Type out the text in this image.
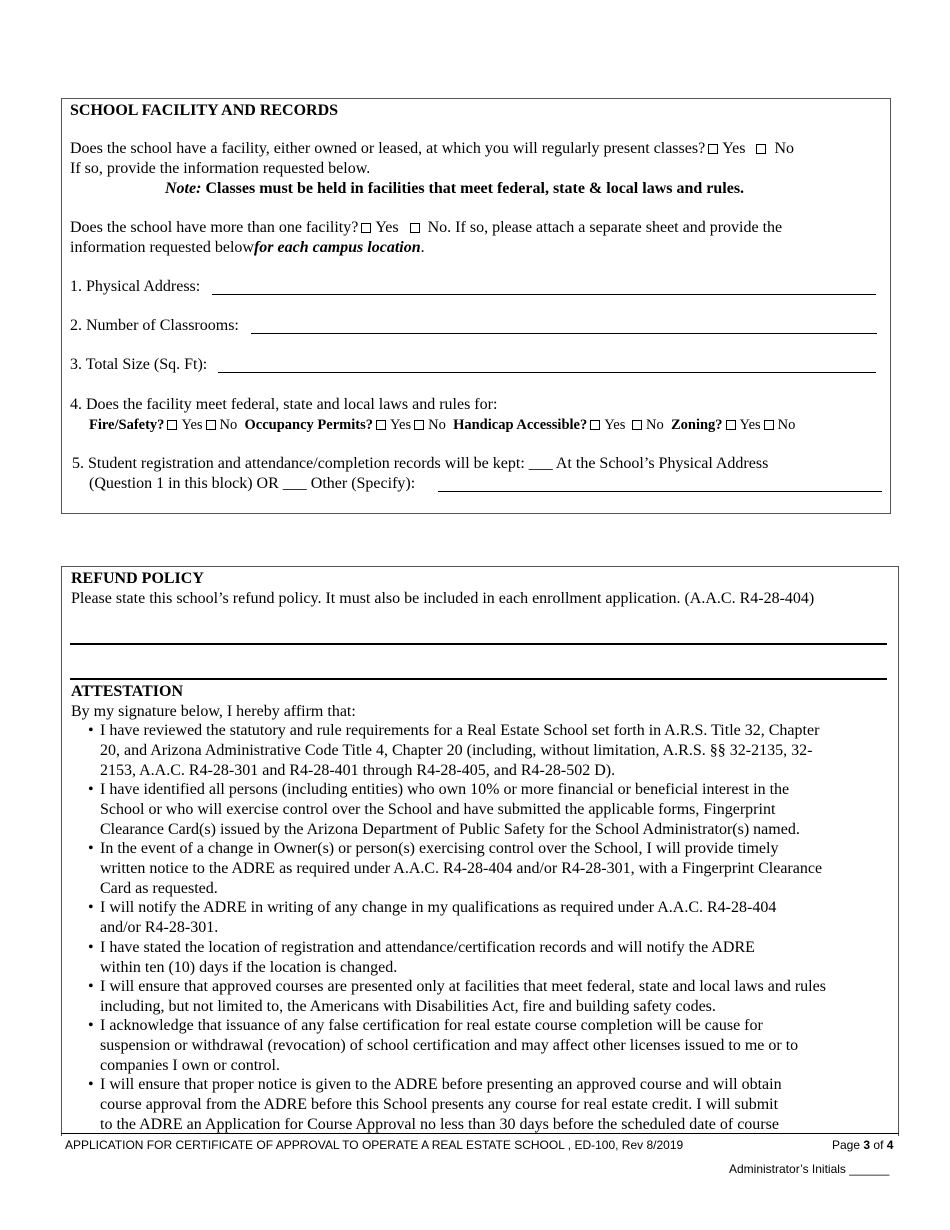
SCHOOL FACILITY AND RECORDS
Does the school have a facility, either owned or leased, at which you will regularly present classes? Yes No
If so, provide the information requested below.
Note: Classes must be held in facilities that meet federal, state & local laws and rules.
Does the school have more than one facility? Yes No. If so, please attach a separate sheet and provide the
information requested belowfor each campus location.
1. Physical Address:
2. Number of Classrooms:
3. Total Size (Sq. Ft):
4. Does the facility meet federal, state and local laws and rules for:
Fire/Safety? Yes No Occupancy Permits? Yes No Handicap Accessible? Yes No Zoning? Yes No
5. Student registration and attendance/completion records will be kept: ___ At the School’s Physical Address
(Question 1 in this block) OR ___ Other (Specify):
REFUND POLICY
Please state this school’s refund policy. It must also be included in each enrollment application. (A.A.C. R4-28-404)
ATTESTATION
By my signature below, I hereby affirm that:
• I have reviewed the statutory and rule requirements for a Real Estate School set forth in A.R.S. Title 32, Chapter
20, and Arizona Administrative Code Title 4, Chapter 20 (including, without limitation, A.R.S. §§ 32-2135, 32-
2153, A.A.C. R4-28-301 and R4-28-401 through R4-28-405, and R4-28-502 D).
• I have identified all persons (including entities) who own 10% or more financial or beneficial interest in the
School or who will exercise control over the School and have submitted the applicable forms, Fingerprint
Clearance Card(s) issued by the Arizona Department of Public Safety for the School Administrator(s) named.
• In the event of a change in Owner(s) or person(s) exercising control over the School, I will provide timely
written notice to the ADRE as required under A.A.C. R4-28-404 and/or R4-28-301, with a Fingerprint Clearance
Card as requested.
• I will notify the ADRE in writing of any change in my qualifications as required under A.A.C. R4-28-404
and/or R4-28-301.
• I have stated the location of registration and attendance/certification records and will notify the ADRE
within ten (10) days if the location is changed.
• I will ensure that approved courses are presented only at facilities that meet federal, state and local laws and rules
including, but not limited to, the Americans with Disabilities Act, fire and building safety codes.
• I acknowledge that issuance of any false certification for real estate course completion will be cause for
suspension or withdrawal (revocation) of school certification and may affect other licenses issued to me or to
companies I own or control.
• I will ensure that proper notice is given to the ADRE before presenting an approved course and will obtain
course approval from the ADRE before this School presents any course for real estate credit. I will submit
to the ADRE an Application for Course Approval no less than 30 days before the scheduled date of course
APPLICATION FOR CERTIFICATE OF APPROVAL TO OPERATE A REAL ESTATE SCHOOL , ED-100, Rev 8/2019	Page 3 of 4
Administrator’s Initials ______
